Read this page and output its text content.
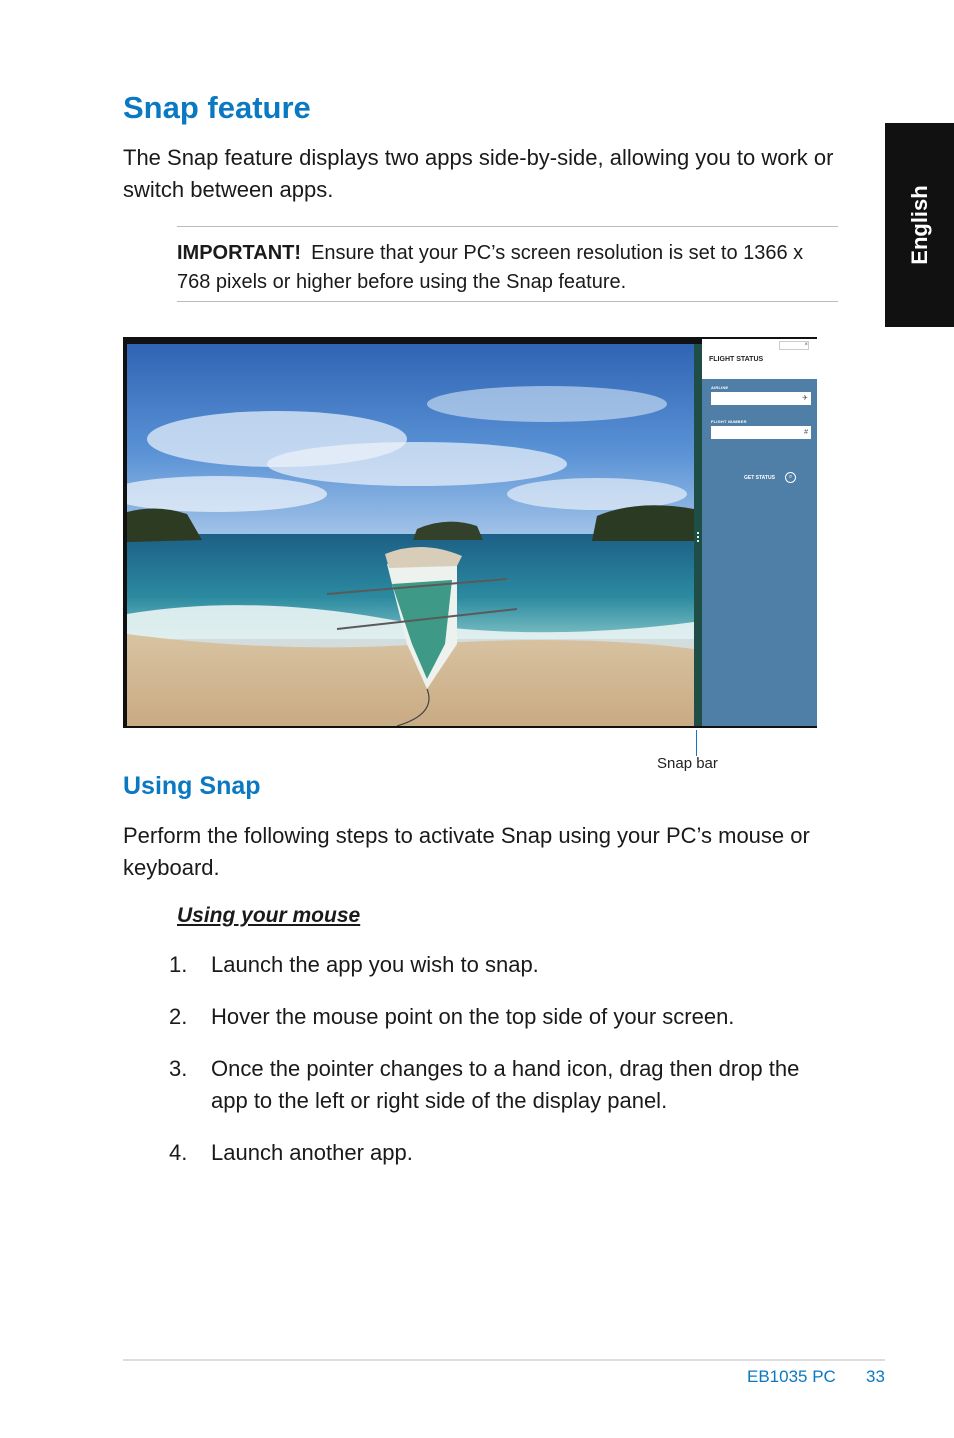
English
Snap feature

The Snap feature displays two apps side-by-side, allowing you to work or switch between apps.

IMPORTANT! Ensure that your PC’s screen resolution is set to 1366 x 768 pixels or higher before using the Snap feature.

×
FLIGHT STATUS
AIRLINE
✈
FLIGHT NUMBER
#
GET STATUS	⌕
Snap bar
Using Snap

Perform the following steps to activate Snap using your PC’s mouse or keyboard.

Using your mouse
1. Launch the app you wish to snap.
2. Hover the mouse point on the top side of your screen.
3. Once the pointer changes to a hand icon, drag then drop the app to the left or right side of the display panel.
4. Launch another app.
EB1035 PC 33
